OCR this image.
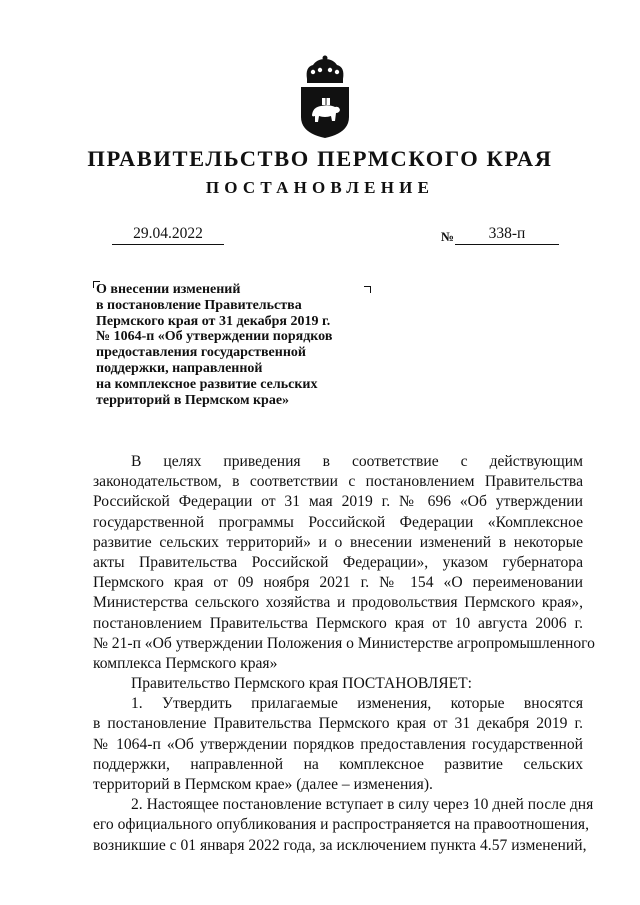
ПРАВИТЕЛЬСТВО ПЕРМСКОГО КРАЯ
ПОСТАНОВЛЕНИЕ
29.04.2022	№	338-п
О внесении изменений
в постановление Правительства
Пермского края от 31 декабря 2019 г.
№ 1064-п «Об утверждении порядков
предоставления государственной
поддержки, направленной
на комплексное развитие сельских
территорий в Пермском крае»
В целях приведения в соответствие с действующим
законодательством, в соответствии с постановлением Правительства
Российской Федерации от 31 мая 2019 г. № 696 «Об утверждении
государственной программы Российской Федерации «Комплексное
развитие сельских территорий» и о внесении изменений в некоторые
акты Правительства Российской Федерации», указом губернатора
Пермского края от 09 ноября 2021 г. № 154 «О переименовании
Министерства сельского хозяйства и продовольствия Пермского края»,
постановлением Правительства Пермского края от 10 августа 2006 г.
№ 21-п «Об утверждении Положения о Министерстве агропромышленного
комплекса Пермского края»
Правительство Пермского края ПОСТАНОВЛЯЕТ:
1. Утвердить прилагаемые изменения, которые вносятся
в постановление Правительства Пермского края от 31 декабря 2019 г.
№ 1064-п «Об утверждении порядков предоставления государственной
поддержки, направленной на комплексное развитие сельских
территорий в Пермском крае» (далее – изменения).
2. Настоящее постановление вступает в силу через 10 дней после дня
его официального опубликования и распространяется на правоотношения,
возникшие с 01 января 2022 года, за исключением пункта 4.57 изменений,
